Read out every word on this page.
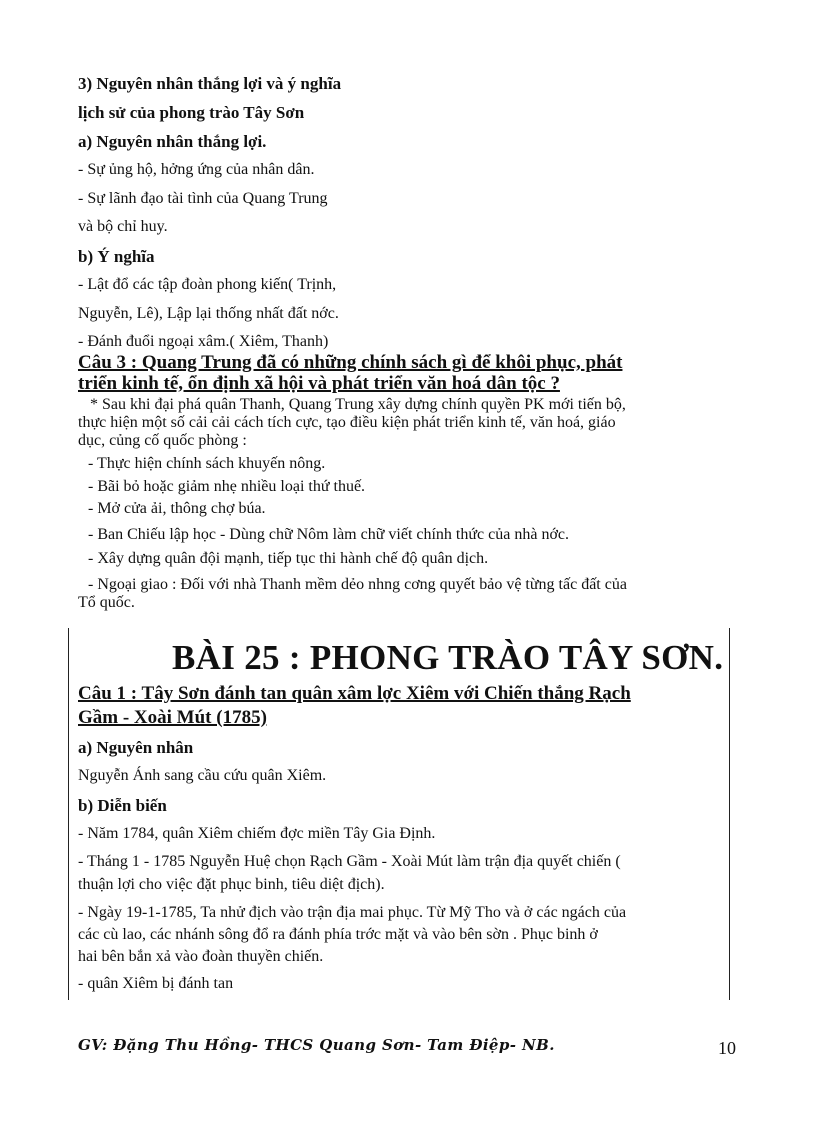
3) Nguyên nhân thắng lợi và ý nghĩa
lịch sử của phong trào Tây Sơn
a) Nguyên nhân thắng lợi.
- Sự ủng hộ, hởng ứng của nhân dân.
- Sự lãnh đạo tài tình của Quang Trung
và bộ chỉ huy.
b) Ý nghĩa
- Lật đổ các tập đoàn phong kiến( Trịnh,
Nguyễn, Lê), Lập lại thống nhất đất nớc.
- Đánh đuổi ngoại xâm.( Xiêm, Thanh)
Câu 3 : Quang Trung đã có những chính sách gì để khôi phục, phát
triển kinh tế, ổn định xã hội và phát triển văn hoá dân tộc ?
* Sau khi đại phá quân Thanh, Quang Trung xây dựng chính quyền PK mới tiến bộ,
thực hiện một số cải cải cách tích cực, tạo điều kiện phát triển kinh tế, văn hoá, giáo
dục, củng cố quốc phòng :
- Thực hiện chính sách khuyến nông.
- Bãi bỏ hoặc giảm nhẹ nhiều loại thứ thuế.
- Mở cửa ải, thông chợ búa.
- Ban Chiếu lập học - Dùng chữ Nôm làm chữ viết chính thức của nhà nớc.
- Xây dựng quân đội mạnh, tiếp tục thi hành chế độ quân dịch.
- Ngoại giao : Đối với nhà Thanh mềm dẻo nhng cơng quyết bảo vệ từng tấc đất của
Tổ quốc.
BÀI 25 : PHONG TRÀO TÂY SƠN.
Câu 1 : Tây Sơn đánh tan quân xâm lợc Xiêm với Chiến thắng Rạch
Gầm - Xoài Mút (1785)
a) Nguyên nhân
Nguyễn Ánh sang cầu cứu quân Xiêm.
b) Diễn biến
- Năm 1784, quân Xiêm chiếm đợc miền Tây Gia Định.
- Tháng 1 - 1785 Nguyễn Huệ chọn Rạch Gầm - Xoài Mút làm trận địa quyết chiến (
thuận lợi cho việc đặt phục binh, tiêu diệt địch).
- Ngày 19-1-1785, Ta nhử địch vào trận địa mai phục. Từ Mỹ Tho và ở các ngách của
các cù lao, các nhánh sông đổ ra đánh phía trớc mặt và vào bên sờn . Phục binh ở
hai bên bắn xả vào đoàn thuyền chiến.
- quân Xiêm bị đánh tan
GV: Đặng Thu Hồng- THCS Quang Sơn- Tam Điệp- NB.	10
